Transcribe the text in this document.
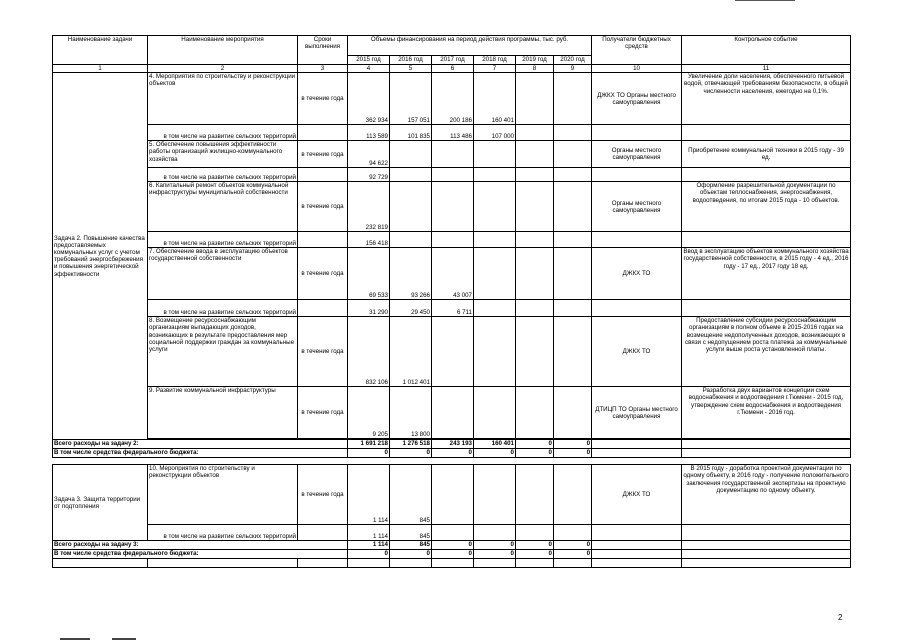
Наименование задачи	Наименование мероприятия	Сроки выполнения	Объемы финансирования на период действия программы, тыс. руб.						Получатели бюджетных средств	Контрольное событие
			2015 год	2016 год	2017 год	2018 год	2019 год	2020 год		
1	2	3	4	5	6	7	8	9	10	11
Задача 2. Повышение качества предоставляемых коммунальных услуг с учетом требований энергосбережения и повышения энергетической эффективности	4. Мероприятия по строительству и реконструкции объектов	в течение года	362 934	157 051	200 186	160 401			ДЖКХ ТО Органы местного самоуправления	Увеличение доли населения, обеспеченного питьевой водой, отвечающей требованиям безопасности, в общей численности населения, ежегодно на 0,1%.
	в том числе на развитие сельских территорий		113 589	101 835	113 486	107 000				
	5. Обеспечение повышения эффективности работы организаций жилищно-коммунального хозяйства	в течение года	94 622						Органы местного самоуправления	Приобретение коммунальной техники в 2015 году - 39 ед.
	в том числе на развитие сельских территорий		92 729							
	6. Капитальный ремонт объектов коммунальной инфраструктуры муниципальной собственности	в течение года	232 819						Органы местного самоуправления	Оформление разрешительной документации по объектам теплоснабжения, энергоснабжения, водоотведения, по итогам 2015 года - 10 объектов.
	в том числе на развитие сельских территорий		156 418							
	7. Обеспечение ввода в эксплуатацию объектов государственной собственности	в течение года	69 533	93 266	43 007				ДЖКХ ТО	Ввод в эксплуатацию объектов коммунального хозяйства государственной собственности, в 2015 году - 4 ед., 2016 году - 17 ед., 2017 году 18 ед.
	в том числе на развитие сельских территорий		31 290	29 450	6 711					
	8. Возмещение ресурсоснабжающим организациям выпадающих доходов, возникающих в результате предоставления мер социальной поддержки граждан за коммунальные услуги	в течение года	832 106	1 012 401					ДЖКХ ТО	Предоставление субсидии ресурсоснабжающим организациям в полном объеме в 2015-2016 годах на возмещение недополученных доходов, возникающих в связи с недопущением роста платежа за коммунальные услуги выше роста установленной платы.
	9. Развитие коммунальной инфраструктуры	в течение года	9 205	13 800					ДТИЦП ТО Органы местного самоуправления	Разработка двух вариантов концепции схем водоснабжения и водоотведения г.Тюмени - 2015 год, утверждение схем водоснабжения и водоотведения г.Тюмени - 2016 год.

Всего расходы на задачу 2:			1 691 218	1 276 518	243 193	160 401	0	0		
В том числе средства федерального бюджета:			0	0	0	0	0	0		

Задача 3. Защита территории от подтопления	10. Мероприятия по строительству и реконструкции объектов	в течение года	1 114	845					ДЖКХ ТО	В 2015 году - доработка проектной документации по одному объекту, в 2016 году - получение положительного заключения государственной экспертизы на проектную документацию по одному объекту.
	в том числе на развитие сельских территорий		1 114	845						
Всего расходы на задачу 3:			1 114	845	0	0	0	0		
В том числе средства федерального бюджета:			0	0	0	0	0	0		

2
